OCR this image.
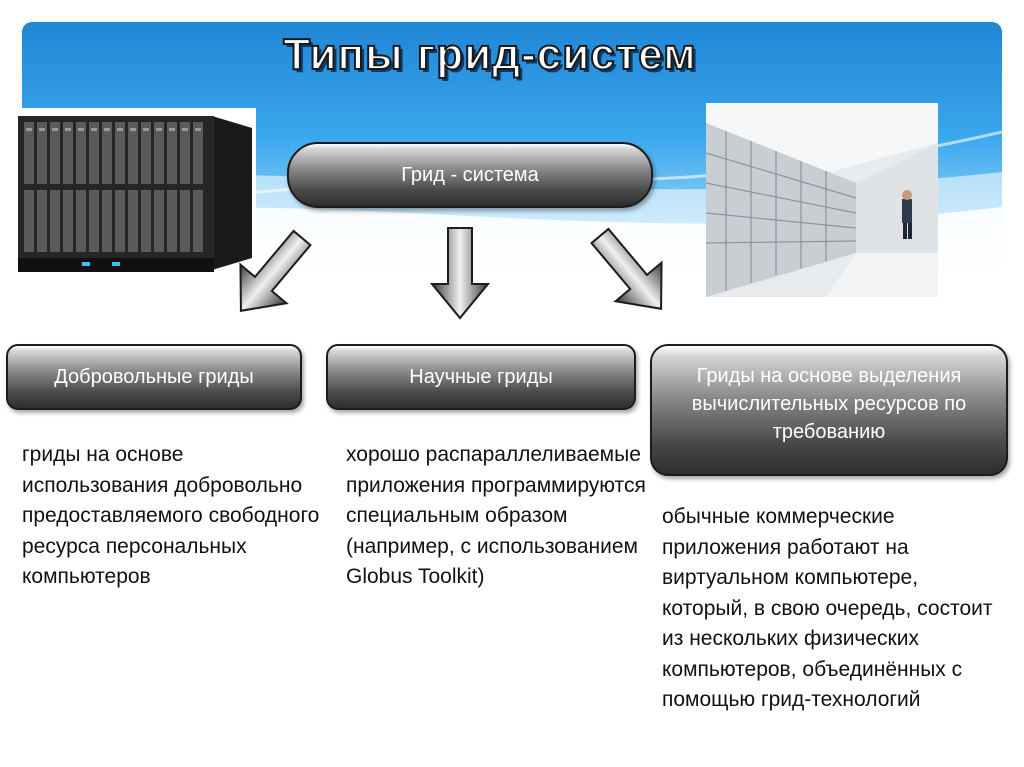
Типы грид-систем
Грид - система
Добровольные гриды	Научные гриды	Гриды на основе выделения вычислительных ресурсов по требованию
гриды на основе использования добровольно предоставляемого свободного ресурса персональных компьютеров
хорошо распараллеливаемые приложения программируются специальным образом (например, с использованием Globus Toolkit)
обычные коммерческие приложения работают на виртуальном компьютере, который, в свою очередь, состоит из нескольких физических компьютеров, объединённых с помощью грид-технологий
